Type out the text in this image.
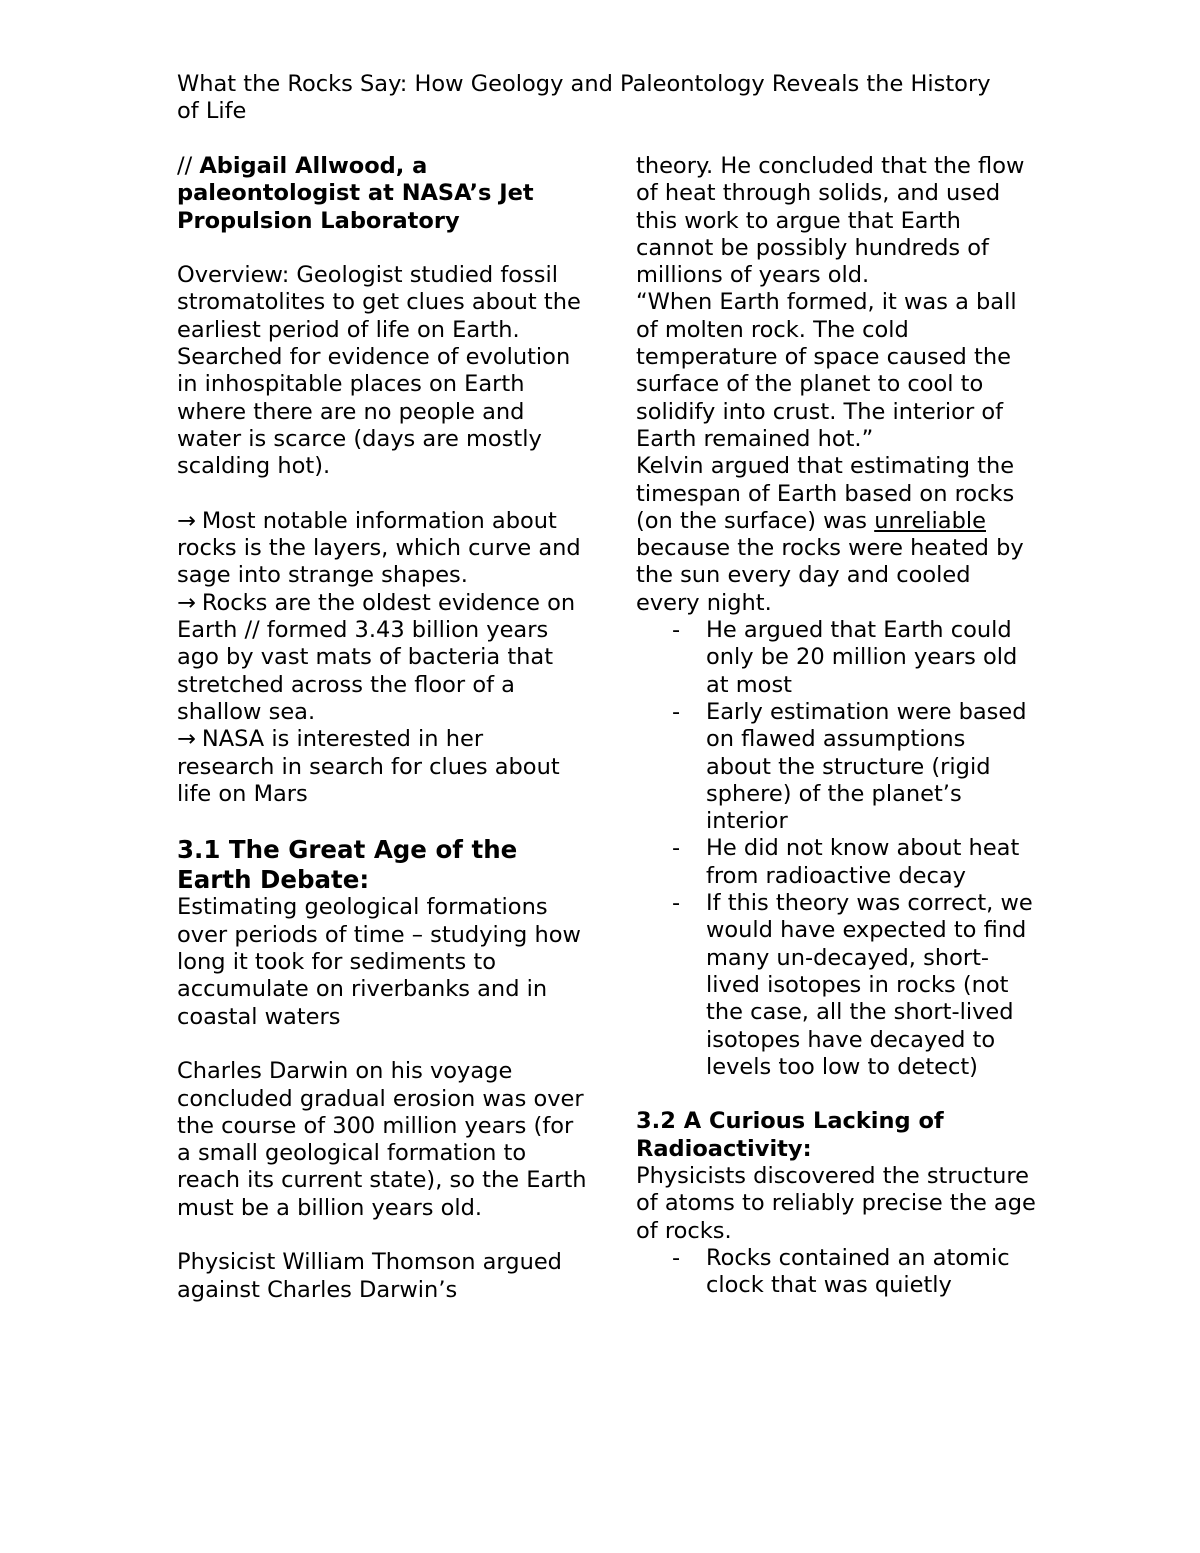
What the Rocks Say: How Geology and Paleontology Reveals the History of Life

// Abigail Allwood, a paleontologist at NASA’s Jet Propulsion Laboratory

Overview: Geologist studied fossil stromatolites to get clues about the earliest period of life on Earth.

Searched for evidence of evolution in inhospitable places on Earth where there are no people and water is scarce (days are mostly scalding hot).

→ Most notable information about rocks is the layers, which curve and sage into strange shapes.

→ Rocks are the oldest evidence on Earth // formed 3.43 billion years ago by vast mats of bacteria that stretched across the floor of a shallow sea.

→ NASA is interested in her research in search for clues about life on Mars

3.1 The Great Age of the Earth Debate:

Estimating geological formations over periods of time – studying how long it took for sediments to accumulate on riverbanks and in coastal waters

Charles Darwin on his voyage concluded gradual erosion was over the course of 300 million years (for a small geological formation to reach its current state), so the Earth must be a billion years old.

Physicist William Thomson argued against Charles Darwin’s

theory. He concluded that the flow of heat through solids, and used this work to argue that Earth cannot be possibly hundreds of millions of years old.

“When Earth formed, it was a ball of molten rock. The cold temperature of space caused the surface of the planet to cool to solidify into crust. The interior of Earth remained hot.”

Kelvin argued that estimating the timespan of Earth based on rocks (on the surface) was unreliable because the rocks were heated by the sun every day and cooled every night.

- He argued that Earth could only be 20 million years old at most
- Early estimation were based on flawed assumptions about the structure (rigid sphere) of the planet’s interior
- He did not know about heat from radioactive decay
- If this theory was correct, we would have expected to find many un-decayed, short-lived isotopes in rocks (not the case, all the short-lived isotopes have decayed to levels too low to detect)
3.2 A Curious Lacking of Radioactivity:

Physicists discovered the structure of atoms to reliably precise the age of rocks.

- Rocks contained an atomic clock that was quietly
